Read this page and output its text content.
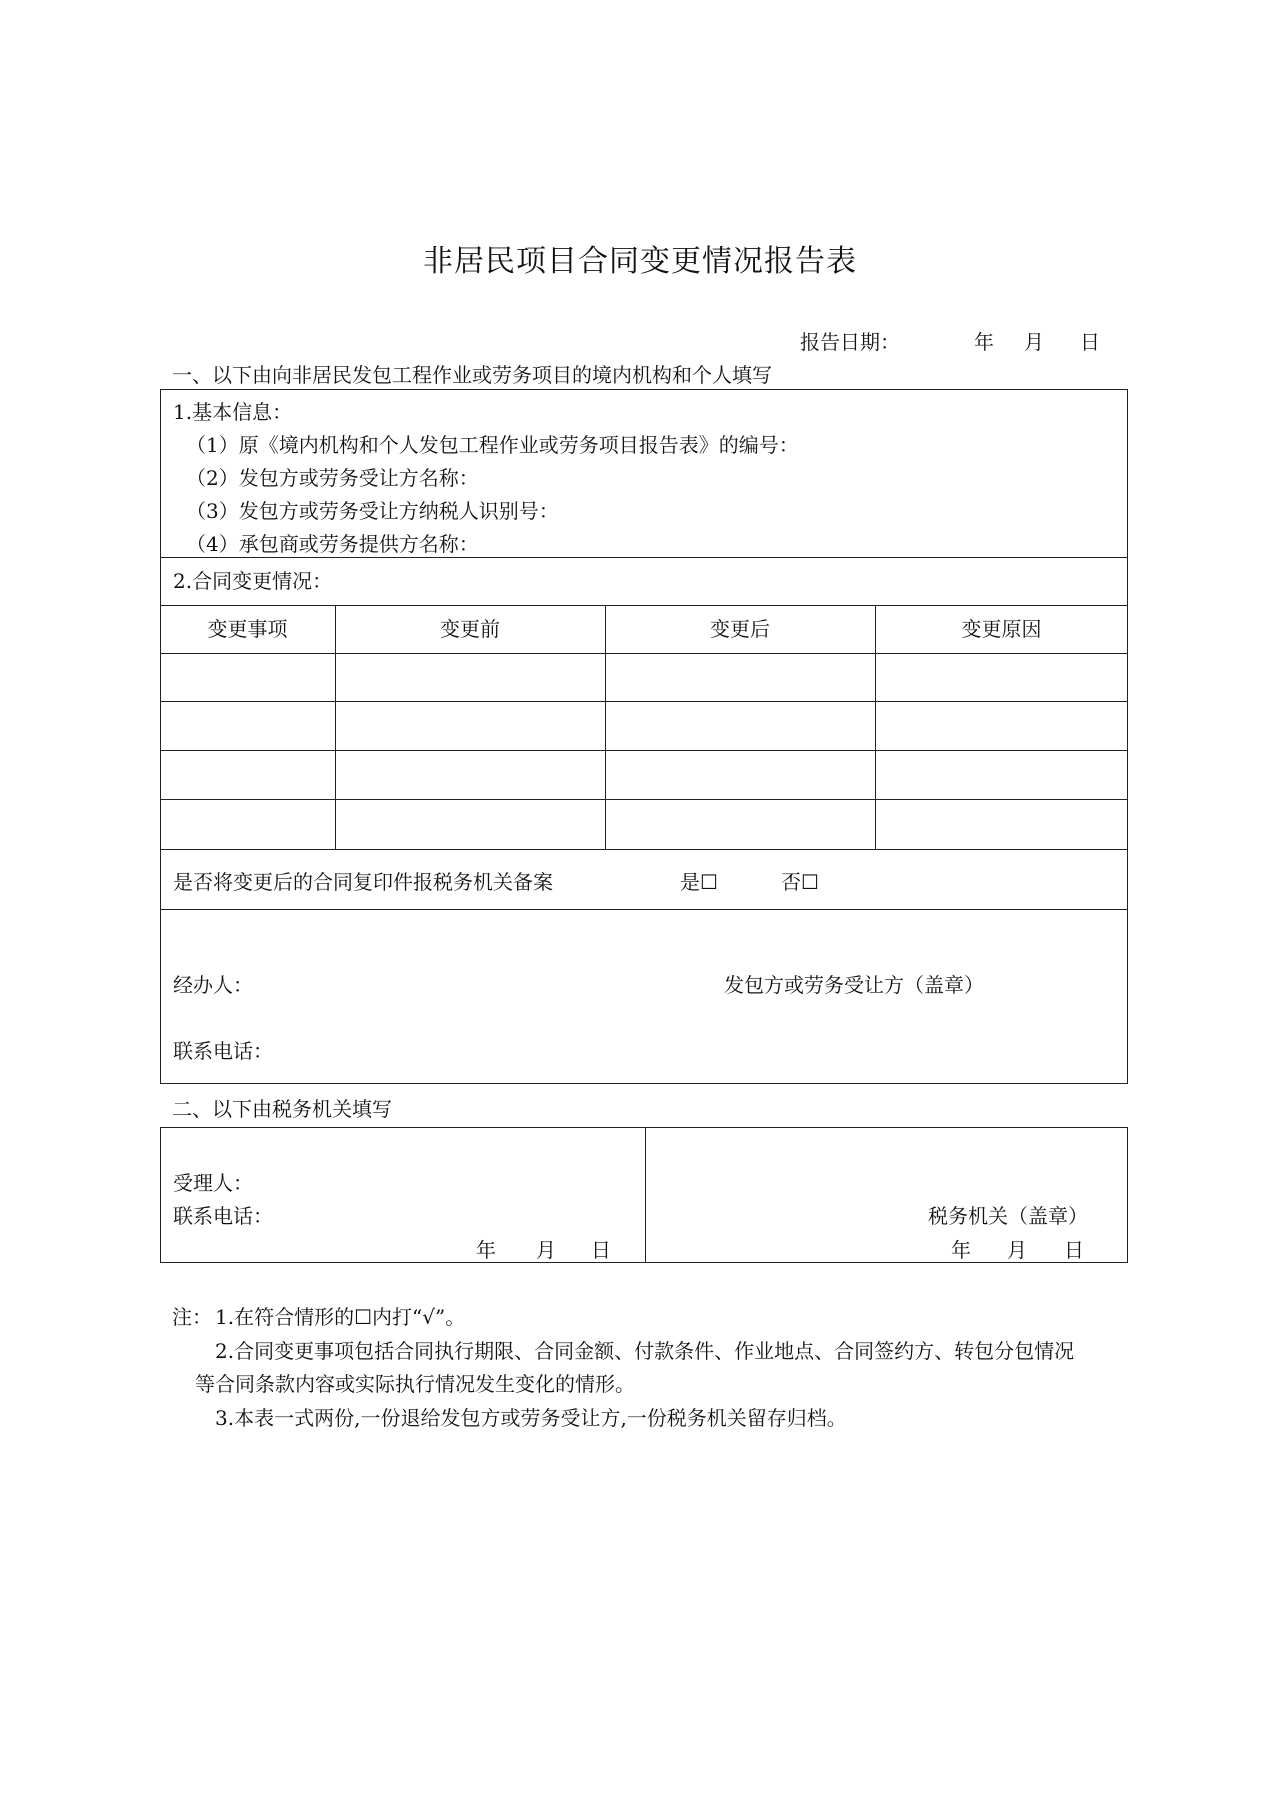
非居民项目合同变更情况报告表
报告日期：	年 月 日
一、以下由向非居民发包工程作业或劳务项目的境内机构和个人填写
1.基本信息：
（1）原《境内机构和个人发包工程作业或劳务项目报告表》的编号：
（2）发包方或劳务受让方名称：
（3）发包方或劳务受让方纳税人识别号：
（4）承包商或劳务提供方名称：
2.合同变更情况：
变更事项	变更前	变更后	变更原因
是否将变更后的合同复印件报税务机关备案	是☐	否☐
经办人：	发包方或劳务受让方（盖章）
联系电话：
二、以下由税务机关填写
受理人：
联系电话：
年 月 日
税务机关（盖章）
年 月 日
注： 1.在符合情形的☐内打“√”。
2.合同变更事项包括合同执行期限、合同金额、付款条件、作业地点、合同签约方、转包分包情况
等合同条款内容或实际执行情况发生变化的情形。
3.本表一式两份,一份退给发包方或劳务受让方,一份税务机关留存归档。
